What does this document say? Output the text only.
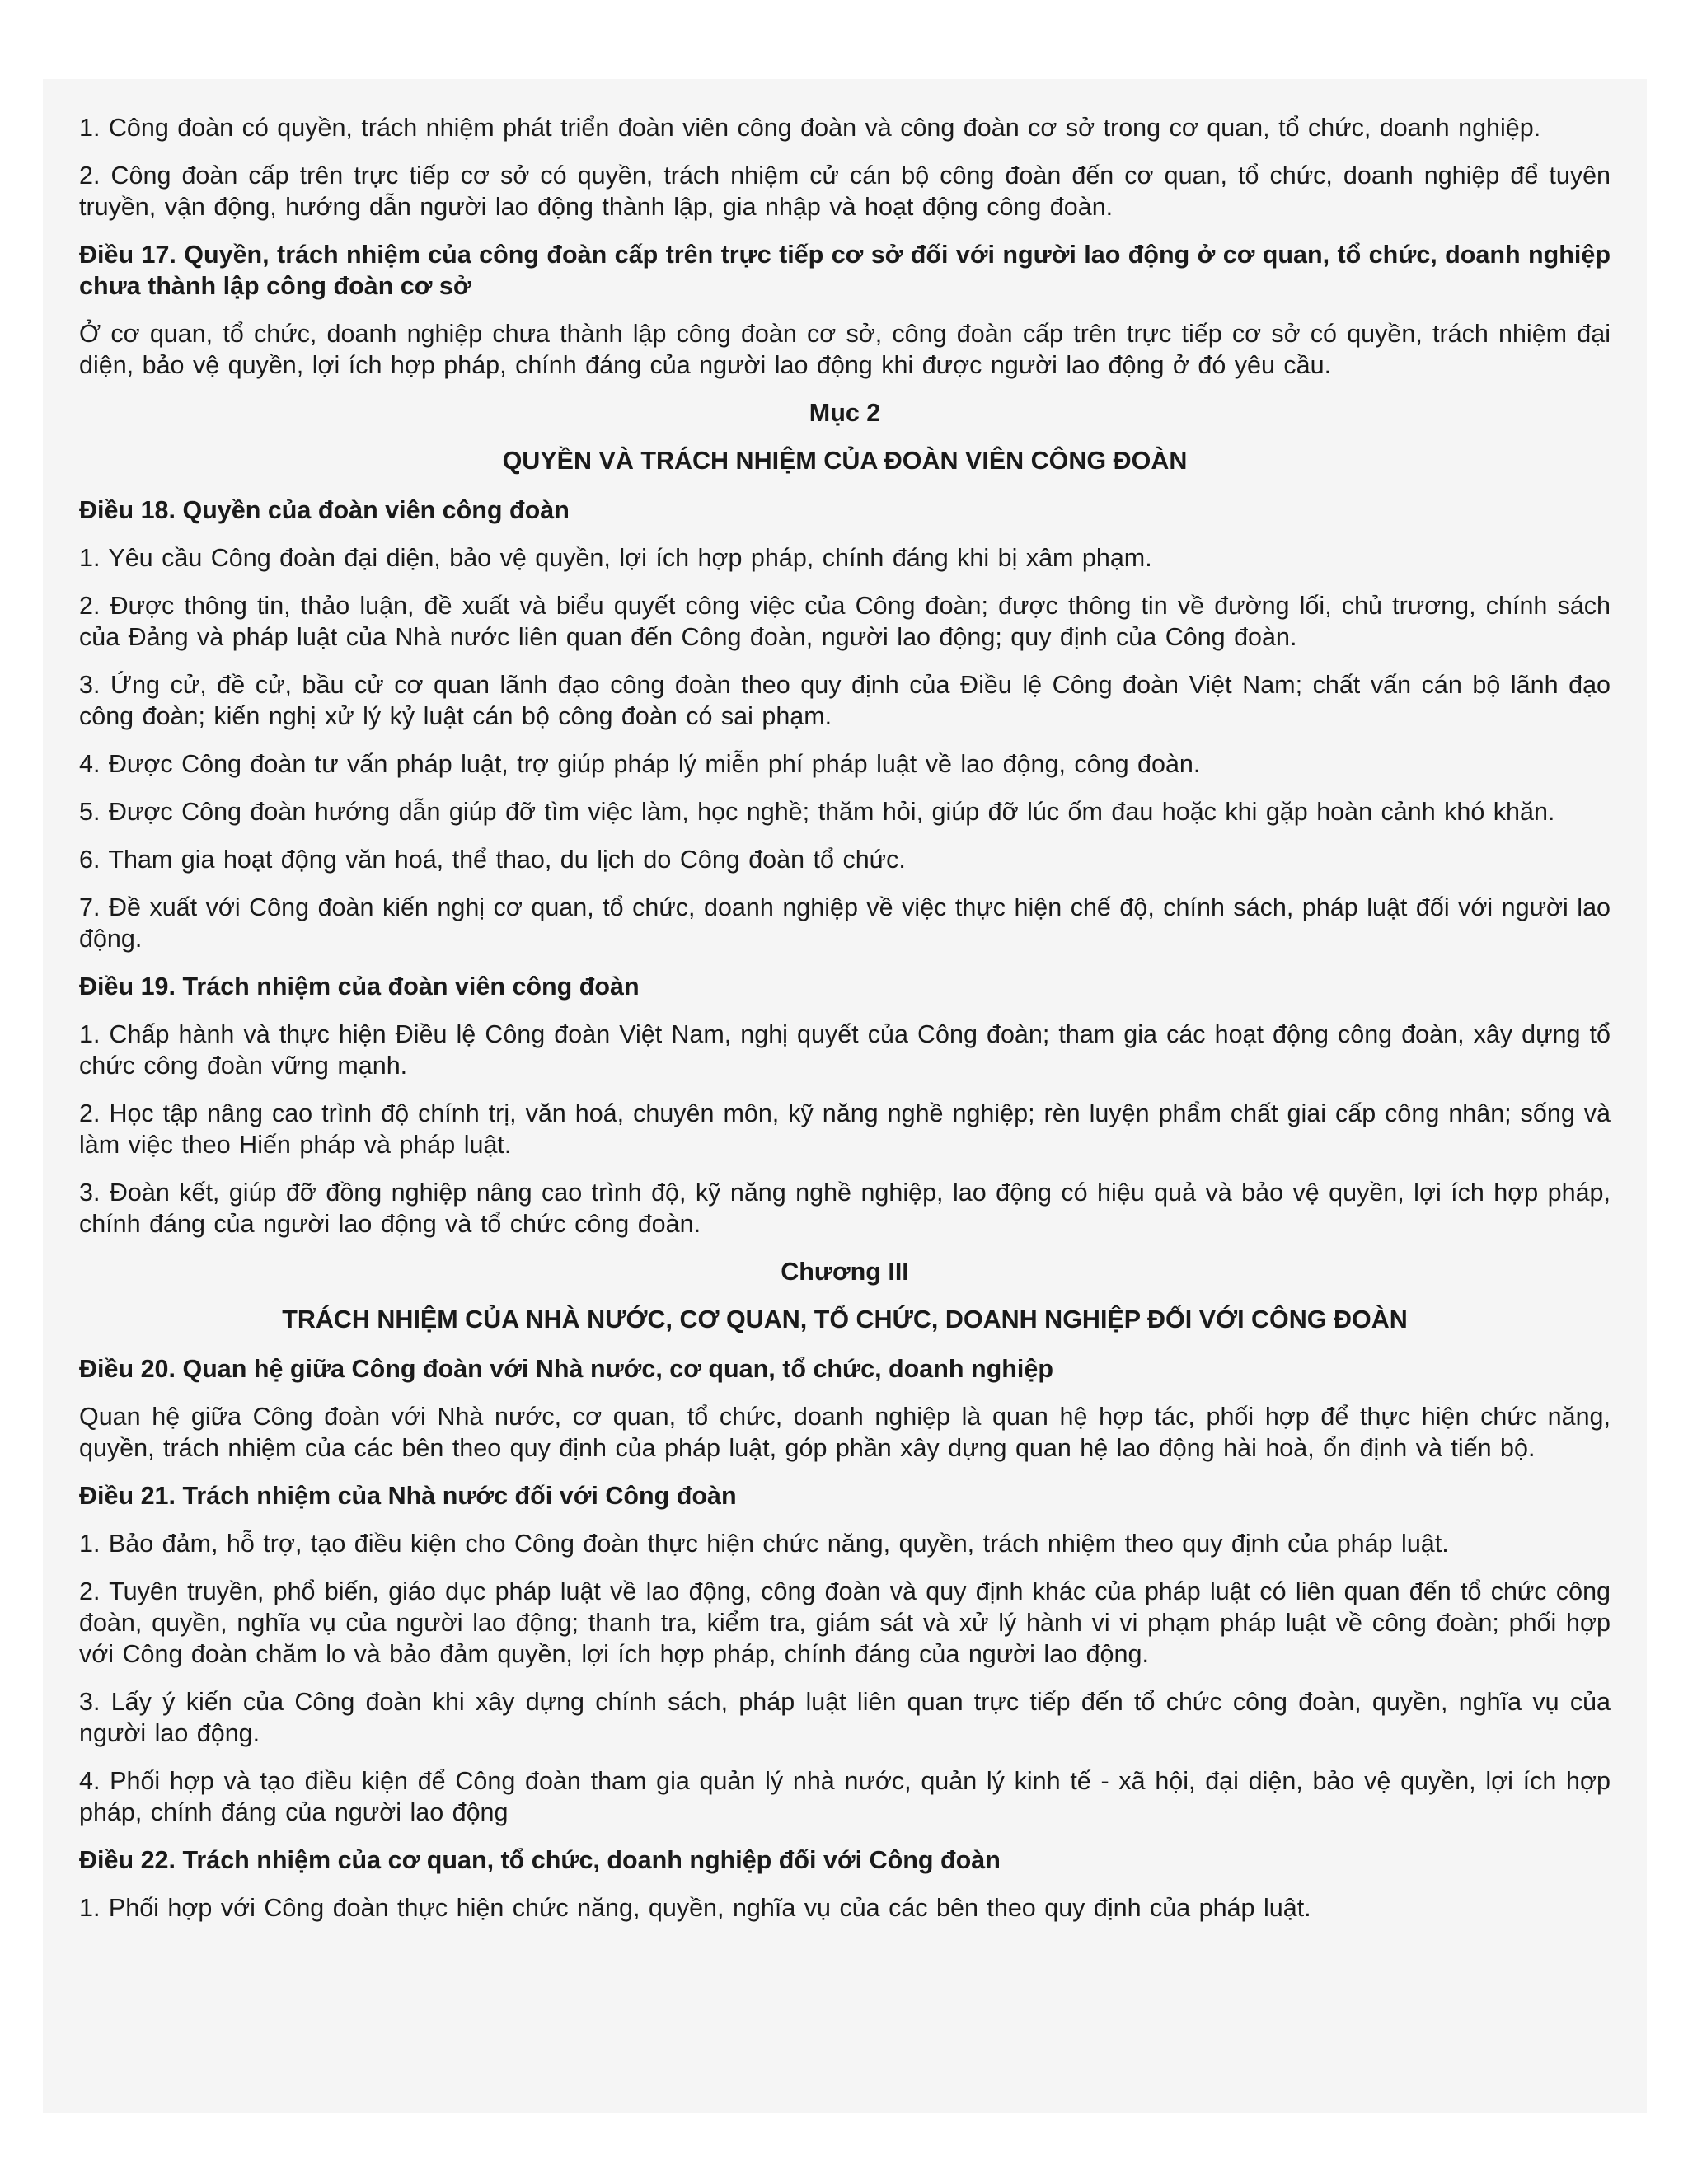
1. Công đoàn có quyền, trách nhiệm phát triển đoàn viên công đoàn và công đoàn cơ sở trong cơ quan, tổ chức, doanh nghiệp.

2. Công đoàn cấp trên trực tiếp cơ sở có quyền, trách nhiệm cử cán bộ công đoàn đến cơ quan, tổ chức, doanh nghiệp để tuyên truyền, vận động, hướng dẫn người lao động thành lập, gia nhập và hoạt động công đoàn.

Điều 17. Quyền, trách nhiệm của công đoàn cấp trên trực tiếp cơ sở đối với người lao động ở cơ quan, tổ chức, doanh nghiệp chưa thành lập công đoàn cơ sở

Ở cơ quan, tổ chức, doanh nghiệp chưa thành lập công đoàn cơ sở, công đoàn cấp trên trực tiếp cơ sở có quyền, trách nhiệm đại diện, bảo vệ quyền, lợi ích hợp pháp, chính đáng của người lao động khi được người lao động ở đó yêu cầu.

Mục 2

QUYỀN VÀ TRÁCH NHIỆM CỦA ĐOÀN VIÊN CÔNG ĐOÀN

Điều 18. Quyền của đoàn viên công đoàn

1. Yêu cầu Công đoàn đại diện, bảo vệ quyền, lợi ích hợp pháp, chính đáng khi bị xâm phạm.

2. Được thông tin, thảo luận, đề xuất và biểu quyết công việc của Công đoàn; được thông tin về đường lối, chủ trương, chính sách của Đảng và pháp luật của Nhà nước liên quan đến Công đoàn, người lao động; quy định của Công đoàn.

3. Ứng cử, đề cử, bầu cử cơ quan lãnh đạo công đoàn theo quy định của Điều lệ Công đoàn Việt Nam; chất vấn cán bộ lãnh đạo công đoàn; kiến nghị xử lý kỷ luật cán bộ công đoàn có sai phạm.

4. Được Công đoàn tư vấn pháp luật, trợ giúp pháp lý miễn phí pháp luật về lao động, công đoàn.

5. Được Công đoàn hướng dẫn giúp đỡ tìm việc làm, học nghề; thăm hỏi, giúp đỡ lúc ốm đau hoặc khi gặp hoàn cảnh khó khăn.

6. Tham gia hoạt động văn hoá, thể thao, du lịch do Công đoàn tổ chức.

7. Đề xuất với Công đoàn kiến nghị cơ quan, tổ chức, doanh nghiệp về việc thực hiện chế độ, chính sách, pháp luật đối với người lao động.

Điều 19. Trách nhiệm của đoàn viên công đoàn

1. Chấp hành và thực hiện Điều lệ Công đoàn Việt Nam, nghị quyết của Công đoàn; tham gia các hoạt động công đoàn, xây dựng tổ chức công đoàn vững mạnh.

2. Học tập nâng cao trình độ chính trị, văn hoá, chuyên môn, kỹ năng nghề nghiệp; rèn luyện phẩm chất giai cấp công nhân; sống và làm việc theo Hiến pháp và pháp luật.

3. Đoàn kết, giúp đỡ đồng nghiệp nâng cao trình độ, kỹ năng nghề nghiệp, lao động có hiệu quả và bảo vệ quyền, lợi ích hợp pháp, chính đáng của người lao động và tổ chức công đoàn.

Chương III

TRÁCH NHIỆM CỦA NHÀ NƯỚC, CƠ QUAN, TỔ CHỨC, DOANH NGHIỆP ĐỐI VỚI CÔNG ĐOÀN

Điều 20. Quan hệ giữa Công đoàn với Nhà nước, cơ quan, tổ chức, doanh nghiệp

Quan hệ giữa Công đoàn với Nhà nước, cơ quan, tổ chức, doanh nghiệp là quan hệ hợp tác, phối hợp để thực hiện chức năng, quyền, trách nhiệm của các bên theo quy định của pháp luật, góp phần xây dựng quan hệ lao động hài hoà, ổn định và tiến bộ.

Điều 21. Trách nhiệm của Nhà nước đối với Công đoàn

1. Bảo đảm, hỗ trợ, tạo điều kiện cho Công đoàn thực hiện chức năng, quyền, trách nhiệm theo quy định của pháp luật.

2. Tuyên truyền, phổ biến, giáo dục pháp luật về lao động, công đoàn và quy định khác của pháp luật có liên quan đến tổ chức công đoàn, quyền, nghĩa vụ của người lao động; thanh tra, kiểm tra, giám sát và xử lý hành vi vi phạm pháp luật về công đoàn; phối hợp với Công đoàn chăm lo và bảo đảm quyền, lợi ích hợp pháp, chính đáng của người lao động.

3. Lấy ý kiến của Công đoàn khi xây dựng chính sách, pháp luật liên quan trực tiếp đến tổ chức công đoàn, quyền, nghĩa vụ của người lao động.

4. Phối hợp và tạo điều kiện để Công đoàn tham gia quản lý nhà nước, quản lý kinh tế - xã hội, đại diện, bảo vệ quyền, lợi ích hợp pháp, chính đáng của người lao động

Điều 22. Trách nhiệm của cơ quan, tổ chức, doanh nghiệp đối với Công đoàn

1. Phối hợp với Công đoàn thực hiện chức năng, quyền, nghĩa vụ của các bên theo quy định của pháp luật.
